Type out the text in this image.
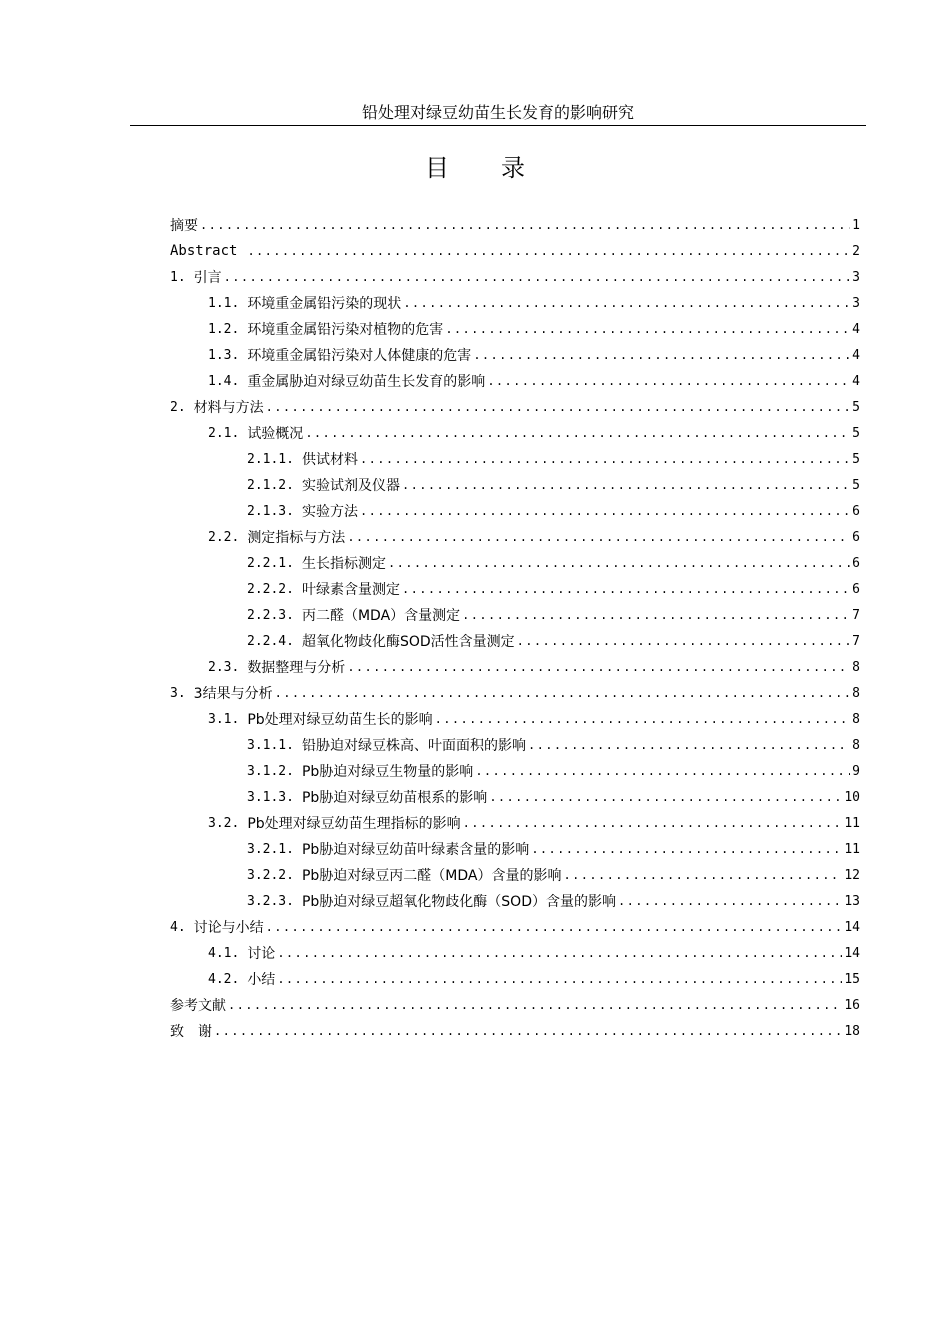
铅处理对绿豆幼苗生长发育的影响研究
目录
摘要 .....	1
Abstract .....	2
1. 引言 .....	3
1.1. 环境重金属铅污染的现状 .....	3
1.2. 环境重金属铅污染对植物的危害 .....	4
1.3. 环境重金属铅污染对人体健康的危害 .....	4
1.4. 重金属胁迫对绿豆幼苗生长发育的影响 .....	4
2. 材料与方法 .....	5
2.1. 试验概况 .....	5
2.1.1. 供试材料 .....	5
2.1.2. 实验试剂及仪器 .....	5
2.1.3. 实验方法 .....	6
2.2. 测定指标与方法 .....	6
2.2.1. 生长指标测定 .....	6
2.2.2. 叶绿素含量测定 .....	6
2.2.3. 丙二醛（MDA）含量测定 .....	7
2.2.4. 超氧化物歧化酶SOD活性含量测定 .....	7
2.3. 数据整理与分析 .....	8
3. 3结果与分析 .....	8
3.1. Pb处理对绿豆幼苗生长的影响 .....	8
3.1.1. 铅胁迫对绿豆株高、叶面面积的影响 .....	8
3.1.2. Pb胁迫对绿豆生物量的影响 .....	9
3.1.3. Pb胁迫对绿豆幼苗根系的影响 .....	10
3.2. Pb处理对绿豆幼苗生理指标的影响 .....	11
3.2.1. Pb胁迫对绿豆幼苗叶绿素含量的影响 .....	11
3.2.2. Pb胁迫对绿豆丙二醛（MDA）含量的影响 .....	12
3.2.3. Pb胁迫对绿豆超氧化物歧化酶（SOD）含量的影响 .....	13
4. 讨论与小结 .....	14
4.1. 讨论 .....	14
4.2. 小结 .....	15
参考文献 .....	16
致　谢 .....	18
